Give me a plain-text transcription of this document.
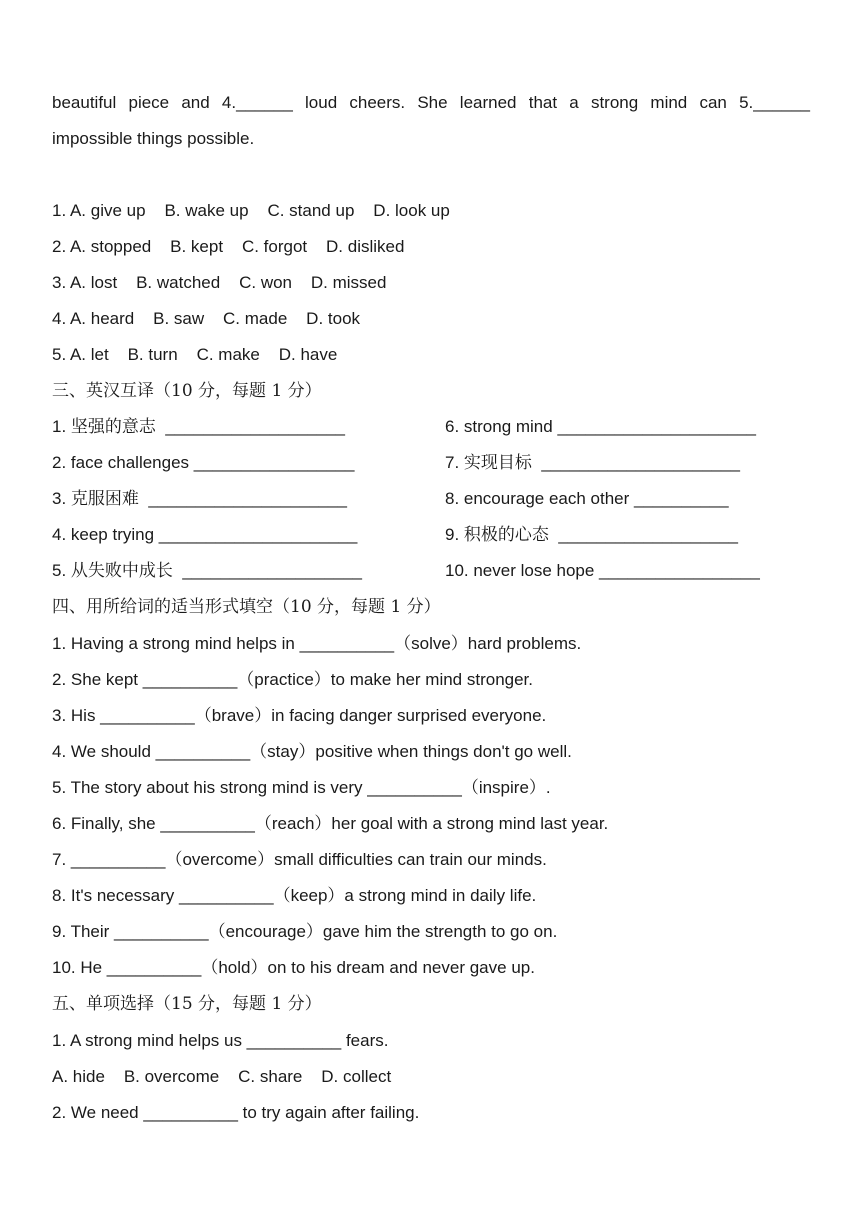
beautiful piece and 4.______ loud cheers. She learned that a strong mind can 5.______
impossible things possible.
1. A. give up    B. wake up    C. stand up    D. look up
2. A. stopped    B. kept    C. forgot    D. disliked
3. A. lost    B. watched    C. won    D. missed
4. A. heard    B. saw    C. made    D. took
5. A. let    B. turn    C. make    D. have
三、英汉互译（10 分，每题 1 分）
1. 坚强的意志  ___________________	6. strong mind _____________________
2. face challenges _________________	7. 实现目标  _____________________
3. 克服困难  _____________________	8. encourage each other __________
4. keep trying _____________________	9. 积极的心态  ___________________
5. 从失败中成长  ___________________	10. never lose hope _________________
四、用所给词的适当形式填空（10 分，每题 1 分）
1. Having a strong mind helps in __________（solve）hard problems.
2. She kept __________（practice）to make her mind stronger.
3. His __________（brave）in facing danger surprised everyone.
4. We should __________（stay）positive when things don't go well.
5. The story about his strong mind is very __________（inspire）.
6. Finally, she __________（reach）her goal with a strong mind last year.
7. __________（overcome）small difficulties can train our minds.
8. It's necessary __________（keep）a strong mind in daily life.
9. Their __________（encourage）gave him the strength to go on.
10. He __________（hold）on to his dream and never gave up.
五、单项选择（15 分，每题 1 分）
1. A strong mind helps us __________ fears.
A. hide    B. overcome    C. share    D. collect
2. We need __________ to try again after failing.
